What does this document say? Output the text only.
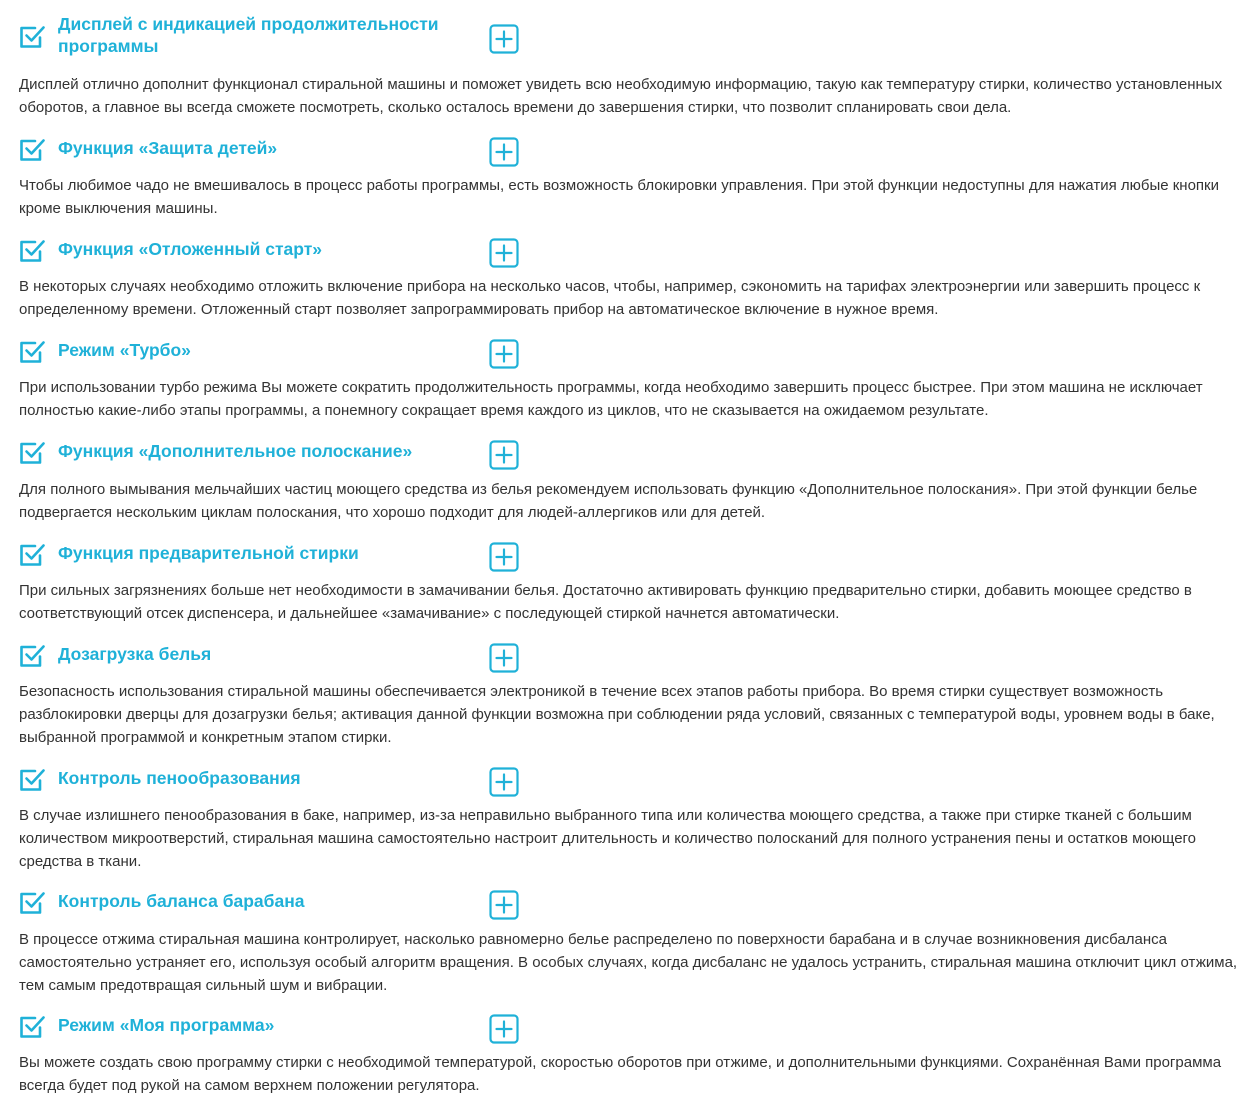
Дисплей с индикацией продолжительности программы

Дисплей отлично дополнит функционал стиральной машины и поможет увидеть всю необходимую информацию, такую как температуру стирки, количество установленных оборотов, а главное вы всегда сможете посмотреть, сколько осталось времени до завершения стирки, что позволит спланировать свои дела.

Функция «Защита детей»

Чтобы любимое чадо не вмешивалось в процесс работы программы, есть возможность блокировки управления. При этой функции недоступны для нажатия любые кнопки кроме выключения машины.

Функция «Отложенный старт»

В некоторых случаях необходимо отложить включение прибора на несколько часов, чтобы, например, сэкономить на тарифах электроэнергии или завершить процесс к определенному времени. Отложенный старт позволяет запрограммировать прибор на автоматическое включение в нужное время.

Режим «Турбо»

При использовании турбо режима Вы можете сократить продолжительность программы, когда необходимо завершить процесс быстрее. При этом машина не исключает полностью какие-либо этапы программы, а понемногу сокращает время каждого из циклов, что не сказывается на ожидаемом результате.

Функция «Дополнительное полоскание»

Для полного вымывания мельчайших частиц моющего средства из белья рекомендуем использовать функцию «Дополнительное полоскания». При этой функции белье подвергается нескольким циклам полоскания, что хорошо подходит для людей-аллергиков или для детей.

Функция предварительной стирки

При сильных загрязнениях больше нет необходимости в замачивании белья. Достаточно активировать функцию предварительно стирки, добавить моющее средство в соответствующий отсек диспенсера, и дальнейшее «замачивание» с последующей стиркой начнется автоматически.

Дозагрузка белья

Безопасность использования стиральной машины обеспечивается электроникой в течение всех этапов работы прибора. Во время стирки существует возможность разблокировки дверцы для дозагрузки белья; активация данной функции возможна при соблюдении ряда условий, связанных с температурой воды, уровнем воды в баке, выбранной программой и конкретным этапом стирки.

Контроль пенообразования

В случае излишнего пенообразования в баке, например, из-за неправильно выбранного типа или количества моющего средства, а также при стирке тканей с большим количеством микроотверстий, стиральная машина самостоятельно настроит длительность и количество полосканий для полного устранения пены и остатков моющего средства в ткани.

Контроль баланса барабана

В процессе отжима стиральная машина контролирует, насколько равномерно белье распределено по поверхности барабана и в случае возникновения дисбаланса самостоятельно устраняет его, используя особый алгоритм вращения. В особых случаях, когда дисбаланс не удалось устранить, стиральная машина отключит цикл отжима, тем самым предотвращая сильный шум и вибрации.

Режим «Моя программа»

Вы можете создать свою программу стирки с необходимой температурой, скоростью оборотов при отжиме, и дополнительными функциями. Сохранённая Вами программа всегда будет под рукой на самом верхнем положении регулятора.
